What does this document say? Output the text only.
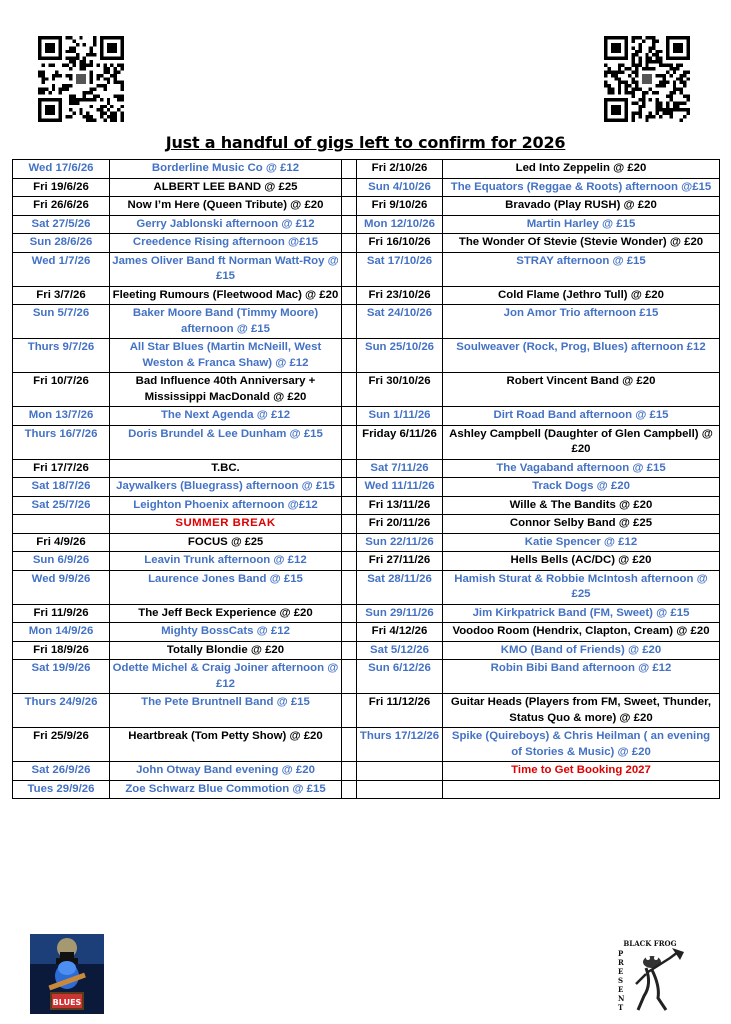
Just a handful of gigs left to confirm for 2026
Wed 17/6/26	Borderline Music Co @ £12		Fri 2/10/26	Led Into Zeppelin @ £20
Fri 19/6/26	ALBERT LEE BAND @ £25		Sun 4/10/26	The Equators (Reggae & Roots) afternoon @£15
Fri 26/6/26	Now I’m Here (Queen Tribute) @ £20		Fri 9/10/26	Bravado (Play RUSH) @ £20
Sat 27/5/26	Gerry Jablonski afternoon @ £12		Mon 12/10/26	Martin Harley @ £15
Sun 28/6/26	Creedence Rising afternoon @£15		Fri 16/10/26	The Wonder Of Stevie (Stevie Wonder) @ £20
Wed 1/7/26	James Oliver Band ft Norman Watt-Roy @ £15		Sat 17/10/26	STRAY afternoon @ £15
Fri 3/7/26	Fleeting Rumours (Fleetwood Mac) @ £20		Fri 23/10/26	Cold Flame (Jethro Tull) @ £20
Sun 5/7/26	Baker Moore Band (Timmy Moore) afternoon @ £15		Sat 24/10/26	Jon Amor Trio afternoon £15
Thurs 9/7/26	All Star Blues (Martin McNeill, West Weston & Franca Shaw) @ £12		Sun 25/10/26	Soulweaver (Rock, Prog, Blues) afternoon £12
Fri 10/7/26	Bad Influence 40th Anniversary + Mississippi MacDonald @ £20		Fri 30/10/26	Robert Vincent Band @ £20
Mon 13/7/26	The Next Agenda @ £12		Sun 1/11/26	Dirt Road Band afternoon @ £15
Thurs 16/7/26	Doris Brundel & Lee Dunham @ £15		Friday 6/11/26	Ashley Campbell (Daughter of Glen Campbell) @ £20
Fri 17/7/26	T.BC.		Sat 7/11/26	The Vagaband afternoon @ £15
Sat 18/7/26	Jaywalkers (Bluegrass) afternoon @ £15		Wed 11/11/26	Track Dogs @ £20
Sat 25/7/26	Leighton Phoenix afternoon @£12		Fri 13/11/26	Wille & The Bandits @ £20
	SUMMER BREAK		Fri 20/11/26	Connor Selby Band @ £25
Fri 4/9/26	FOCUS @ £25		Sun 22/11/26	Katie Spencer @ £12
Sun 6/9/26	Leavin Trunk afternoon @ £12		Fri 27/11/26	Hells Bells (AC/DC) @ £20
Wed 9/9/26	Laurence Jones Band @ £15		Sat 28/11/26	Hamish Sturat & Robbie McIntosh afternoon @ £25
Fri 11/9/26	The Jeff Beck Experience @ £20		Sun 29/11/26	Jim Kirkpatrick Band (FM, Sweet) @ £15
Mon 14/9/26	Mighty BossCats @ £12		Fri 4/12/26	Voodoo Room (Hendrix, Clapton, Cream) @ £20
Fri 18/9/26	Totally Blondie @ £20		Sat 5/12/26	KMO (Band of Friends) @ £20
Sat 19/9/26	Odette Michel & Craig Joiner afternoon @ £12		Sun 6/12/26	Robin Bibi Band afternoon @ £12
Thurs 24/9/26	The Pete Bruntnell Band @ £15		Fri 11/12/26	Guitar Heads (Players from FM, Sweet, Thunder, Status Quo & more) @ £20
Fri 25/9/26	Heartbreak (Tom Petty Show) @ £20		Thurs 17/12/26	Spike (Quireboys) & Chris Heilman ( an evening of Stories & Music) @ £20
Sat 26/9/26	John Otway Band evening @ £20			Time to Get Booking 2027
Tues 29/9/26	Zoe Schwarz Blue Commotion @ £15			
BLUES
BLACK FROG
P
R
E
S
E
N
T
